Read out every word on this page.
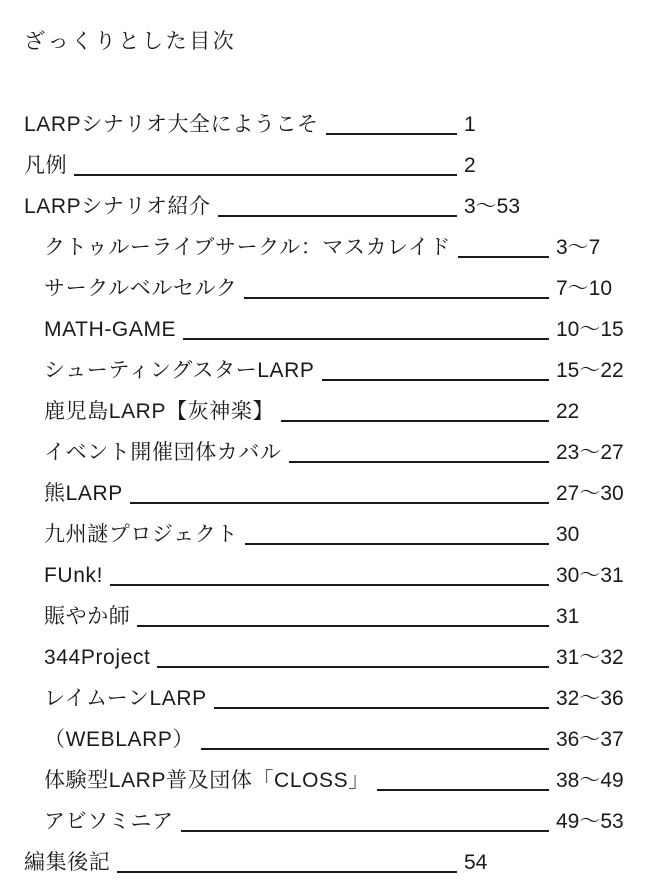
ざっくりとした目次
LARPシナリオ大全にようこそ	1
凡例	2
LARPシナリオ紹介	3〜53
クトゥルーライブサークル：マスカレイド	3〜7
サークルベルセルク	7〜10
MATH-GAME	10〜15
シューティングスターLARP	15〜22
鹿児島LARP【灰神楽】	22
イベント開催団体カバル	23〜27
熊LARP	27〜30
九州謎プロジェクト	30
FUnk!	30〜31
賑やか師	31
344Project	31〜32
レイムーンLARP	32〜36
（WEBLARP）	36〜37
体験型LARP普及団体「CLOSS」	38〜49
アビソミニア	49〜53
編集後記	54
